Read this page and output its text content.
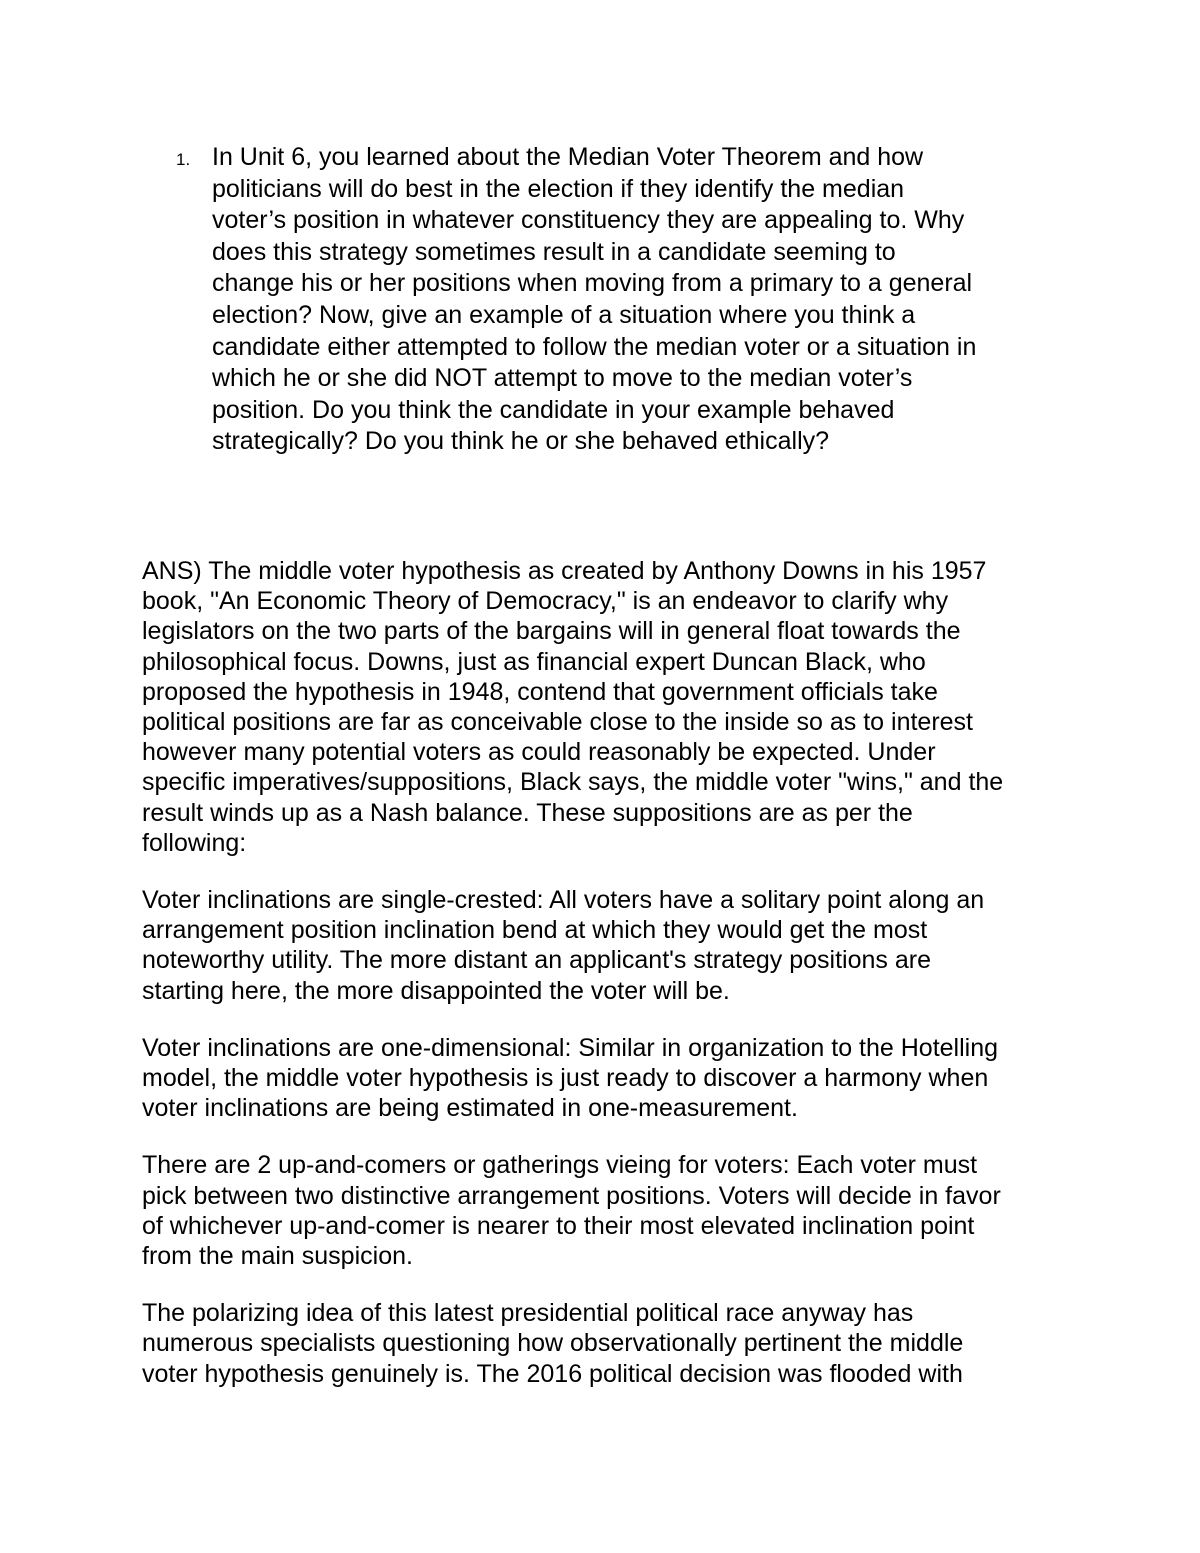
1. In Unit 6, you learned about the Median Voter Theorem and how
politicians will do best in the election if they identify the median
voter’s position in whatever constituency they are appealing to. Why
does this strategy sometimes result in a candidate seeming to
change his or her positions when moving from a primary to a general
election? Now, give an example of a situation where you think a
candidate either attempted to follow the median voter or a situation in
which he or she did NOT attempt to move to the median voter’s
position. Do you think the candidate in your example behaved
strategically? Do you think he or she behaved ethically?

ANS) The middle voter hypothesis as created by Anthony Downs in his 1957
book, "An Economic Theory of Democracy," is an endeavor to clarify why
legislators on the two parts of the bargains will in general float towards the
philosophical focus. Downs, just as financial expert Duncan Black, who
proposed the hypothesis in 1948, contend that government officials take
political positions are far as conceivable close to the inside so as to interest
however many potential voters as could reasonably be expected. Under
specific imperatives/suppositions, Black says, the middle voter "wins," and the
result winds up as a Nash balance. These suppositions are as per the
following:

Voter inclinations are single-crested: All voters have a solitary point along an
arrangement position inclination bend at which they would get the most
noteworthy utility. The more distant an applicant's strategy positions are
starting here, the more disappointed the voter will be.

Voter inclinations are one-dimensional: Similar in organization to the Hotelling
model, the middle voter hypothesis is just ready to discover a harmony when
voter inclinations are being estimated in one-measurement.

There are 2 up-and-comers or gatherings vieing for voters: Each voter must
pick between two distinctive arrangement positions. Voters will decide in favor
of whichever up-and-comer is nearer to their most elevated inclination point
from the main suspicion.

The polarizing idea of this latest presidential political race anyway has
numerous specialists questioning how observationally pertinent the middle
voter hypothesis genuinely is. The 2016 political decision was flooded with
